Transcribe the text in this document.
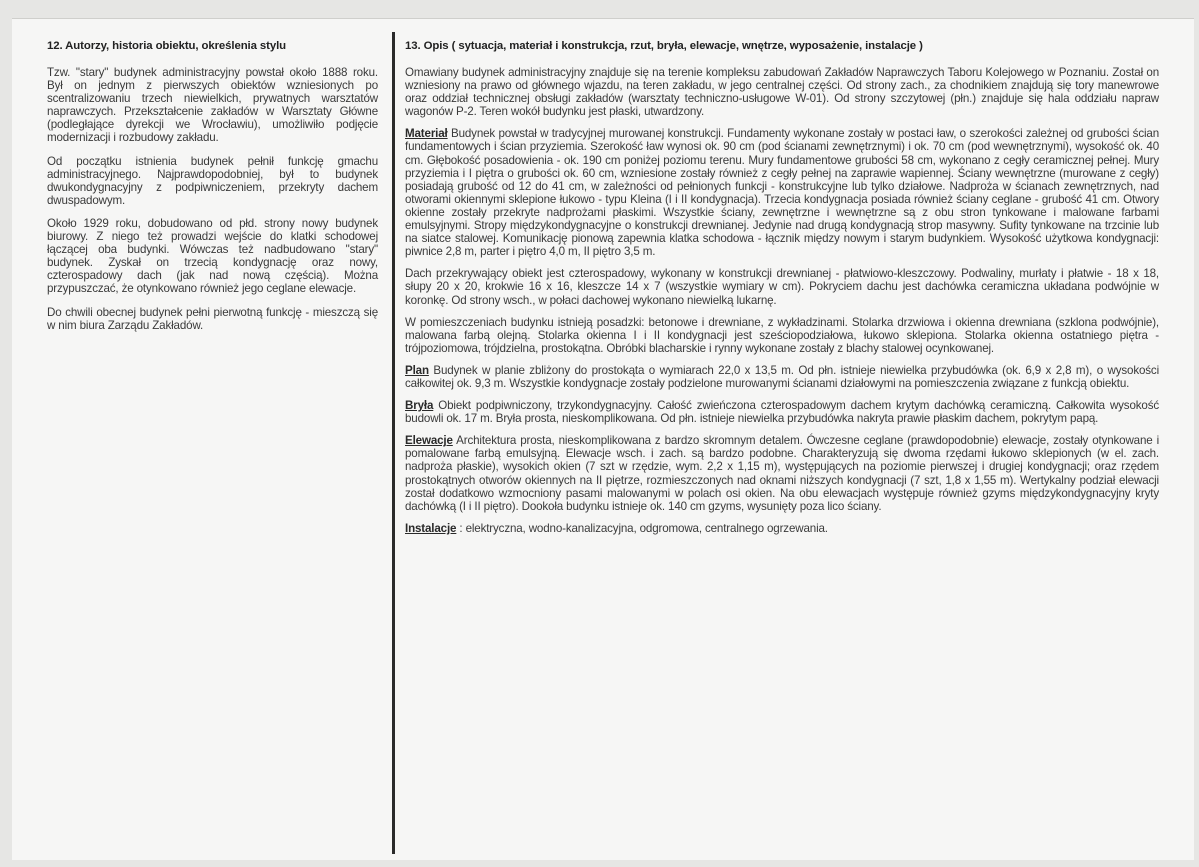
12. Autorzy, historia obiektu, określenia stylu

Tzw. "stary" budynek administracyjny powstał około 1888 roku. Był on jednym z pierwszych obiektów wzniesionych po scentralizowaniu trzech niewielkich, prywatnych warsztatów naprawczych. Przekształcenie zakładów w Warsztaty Główne (podległające dyrekcji we Wrocławiu), umożliwiło podjęcie modernizacji i rozbudowy zakładu.

Od początku istnienia budynek pełnił funkcję gmachu administracyjnego. Najprawdopodobniej, był to budynek dwukondygnacyjny z podpiwniczeniem, przekryty dachem dwuspadowym.

Około 1929 roku, dobudowano od płd. strony nowy budynek biurowy. Z niego też prowadzi wejście do klatki schodowej łączącej oba budynki. Wówczas też nadbudowano "stary" budynek. Zyskał on trzecią kondygnację oraz nowy, czterospadowy dach (jak nad nową częścią). Można przypuszczać, że otynkowano również jego ceglane elewacje.

Do chwili obecnej budynek pełni pierwotną funkcję - mieszczą się w nim biura Zarządu Zakładów.

13. Opis ( sytuacja, materiał i konstrukcja, rzut, bryła, elewacje, wnętrze, wyposażenie, instalacje )

Omawiany budynek administracyjny znajduje się na terenie kompleksu zabudowań Zakładów Naprawczych Taboru Kolejowego w Poznaniu. Został on wzniesiony na prawo od głównego wjazdu, na teren zakładu, w jego centralnej części. Od strony zach., za chodnikiem znajdują się tory manewrowe oraz oddział technicznej obsługi zakładów (warsztaty techniczno-usługowe W-01). Od strony szczytowej (płn.) znajduje się hala oddziału napraw wagonów P-2. Teren wokół budynku jest płaski, utwardzony.

Materiał Budynek powstał w tradycyjnej murowanej konstrukcji. Fundamenty wykonane zostały w postaci ław, o szerokości zależnej od grubości ścian fundamentowych i ścian przyziemia. Szerokość ław wynosi ok. 90 cm (pod ścianami zewnętrznymi) i ok. 70 cm (pod wewnętrznymi), wysokość ok. 40 cm. Głębokość posadowienia - ok. 190 cm poniżej poziomu terenu. Mury fundamentowe grubości 58 cm, wykonano z cegły ceramicznej pełnej. Mury przyziemia i I piętra o grubości ok. 60 cm, wzniesione zostały również z cegły pełnej na zaprawie wapiennej. Ściany wewnętrzne (murowane z cegły) posiadają grubość od 12 do 41 cm, w zależności od pełnionych funkcji - konstrukcyjne lub tylko działowe. Nadproża w ścianach zewnętrznych, nad otworami okiennymi sklepione łukowo - typu Kleina (I i II kondygnacja). Trzecia kondygnacja posiada również ściany ceglane - grubość 41 cm. Otwory okienne zostały przekryte nadprożami płaskimi. Wszystkie ściany, zewnętrzne i wewnętrzne są z obu stron tynkowane i malowane farbami emulsyjnymi. Stropy międzykondygnacyjne o konstrukcji drewnianej. Jedynie nad drugą kondygnacją strop masywny. Sufity tynkowane na trzcinie lub na siatce stalowej. Komunikację pionową zapewnia klatka schodowa - łącznik między nowym i starym budynkiem. Wysokość użytkowa kondygnacji: piwnice 2,8 m, parter i piętro 4,0 m, II piętro 3,5 m.

Dach przekrywający obiekt jest czterospadowy, wykonany w konstrukcji drewnianej - płatwiowo-kleszczowy. Podwaliny, murłaty i płatwie - 18 x 18, słupy 20 x 20, krokwie 16 x 16, kleszcze 14 x 7 (wszystkie wymiary w cm). Pokryciem dachu jest dachówka ceramiczna układana podwójnie w koronkę. Od strony wsch., w połaci dachowej wykonano niewielką lukarnę.

W pomieszczeniach budynku istnieją posadzki: betonowe i drewniane, z wykładzinami. Stolarka drzwiowa i okienna drewniana (szklona podwójnie), malowana farbą olejną. Stolarka okienna I i II kondygnacji jest sześciopodziałowa, łukowo sklepiona. Stolarka okienna ostatniego piętra - trójpoziomowa, trójdzielna, prostokątna. Obróbki blacharskie i rynny wykonane zostały z blachy stalowej ocynkowanej.

Plan Budynek w planie zbliżony do prostokąta o wymiarach 22,0 x 13,5 m. Od płn. istnieje niewielka przybudówka (ok. 6,9 x 2,8 m), o wysokości całkowitej ok. 9,3 m. Wszystkie kondygnacje zostały podzielone murowanymi ścianami działowymi na pomieszczenia związane z funkcją obiektu.

Bryła Obiekt podpiwniczony, trzykondygnacyjny. Całość zwieńczona czterospadowym dachem krytym dachówką ceramiczną. Całkowita wysokość budowli ok. 17 m. Bryła prosta, nieskomplikowana. Od płn. istnieje niewielka przybudówka nakryta prawie płaskim dachem, pokrytym papą.

Elewacje Architektura prosta, nieskomplikowana z bardzo skromnym detalem. Ówczesne ceglane (prawdopodobnie) elewacje, zostały otynkowane i pomalowane farbą emulsyjną. Elewacje wsch. i zach. są bardzo podobne. Charakteryzują się dwoma rzędami łukowo sklepionych (w el. zach. nadproża płaskie), wysokich okien (7 szt w rzędzie, wym. 2,2 x 1,15 m), występujących na poziomie pierwszej i drugiej kondygnacji; oraz rzędem prostokątnych otworów okiennych na II piętrze, rozmieszczonych nad oknami niższych kondygnacji (7 szt, 1,8 x 1,55 m). Wertykalny podział elewacji został dodatkowo wzmocniony pasami malowanymi w polach osi okien. Na obu elewacjach występuje również gzyms międzykondygnacyjny kryty dachówką (I i II piętro). Dookoła budynku istnieje ok. 140 cm gzyms, wysunięty poza lico ściany.

Instalacje : elektryczna, wodno-kanalizacyjna, odgromowa, centralnego ogrzewania.
